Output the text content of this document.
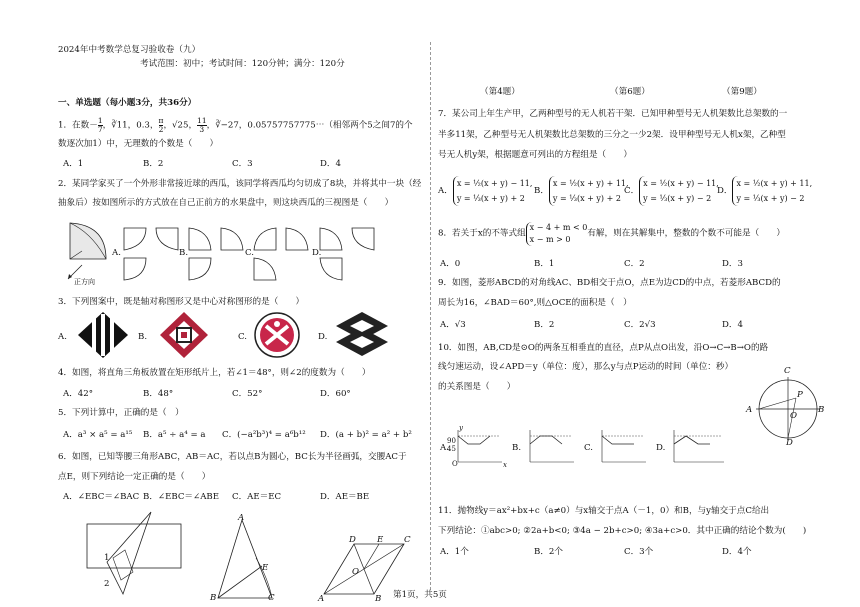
2024年中考数学总复习验收卷（九）
考试范围：初中；考试时间：120分钟；满分：120分
一、单选题（每小题3分，共36分）
1．在数－ $\frac{1}{7}$ ，∛11，0.3， $\frac{\pi}{2}$ ，√25， $\frac{11}{3}$ ，∛−27，0.05757757775⋯（相邻两个5之间7的个
数逐次加1）中，无理数的个数是（　　）
A．1	B．2	C．3	D．4
2．某同学家买了一个外形非常接近球的西瓜，该同学将西瓜均匀切成了8块，并将其中一块（经
抽象后）按如图所示的方式放在自己正前方的水果盘中，则这块西瓜的三视图是（　　）
正方向
A.	B.	C.	D.
3．下列图案中，既是轴对称图形又是中心对称图形的是（　　）
A.	B.	C.	D.
4．如图，将直角三角板放置在矩形纸片上，若∠1＝48°，则∠2的度数为（　　）
A．42°	B．48°	C．52°	D．60°
5．下列计算中，正确的是（　）
A．a³ × a⁵ = a¹⁵ B．a⁵ ÷ a⁴ = a C．(−a²b³)⁴ = a⁶b¹² D．(a + b)² = a² + b²
6．如图，已知等腰三角形ABC，AB＝AC，若以点B为圆心，BC长为半径画弧，交腰AC于
点E，则下列结论一定正确的是（　　）
A．∠EBC＝∠BAC B．∠EBC＝∠ABE C．AE＝EC	D．AE＝BE
1
2
A
E
B	C
D E C
O
A	B
（第4题）	（第6题）	（第9题）
7．某公司上年生产甲，乙两种型号的无人机若干架．已知甲种型号无人机架数比总架数的一
半多11架，乙种型号无人机架数比总架数的三分之一少2架．设甲种型号无人机x架，乙种型
号无人机y架，根据题意可列出的方程组是（　　）
A．
x = ½(x + y) − 11,
y = ⅓(x + y) + 2
B．
x = ½(x + y) + 11,
y = ⅓(x + y) + 2
C．
x = ½(x + y) − 11,
y = ⅓(x + y) − 2
D．
x = ½(x + y) + 11,
y = ⅓(x + y) − 2
8．若关于x的不等式组
x − 4 + m < 0
x − m > 0
有解，则在其解集中，整数的个数不可能是（　　）
A．0	B．1	C．2	D．3
9．如图，菱形ABCD的对角线AC、BD相交于点O，点E为边CD的中点，若菱形ABCD的
周长为16，∠BAD＝60°,则△OCE的面积是（　）
A．√3	B．2	C．2√3	D．4
10．如图，AB,CD是⊙O的两条互相垂直的直径，点P从点O出发，沿O→C→B→O的路
线匀速运动，设∠APD＝y（单位：度），那么y与点P运动的时间（单位：秒）
的关系图是（　　）
C
P
A
O
B
D
A.	B.	C.	D.
90
45
O
y
x
11．抛物线y＝ax²+bx+c（a≠0）与x轴交于点A（－1，0）和B，与y轴交于点C给出
下列结论：①abc>0; ②2a+b<0; ③4a − 2b+c>0; ④3a+c>0．其中正确的结论个数为(　　)
A．1个	B．2个	C．3个	D．4个
第1页，共5页
